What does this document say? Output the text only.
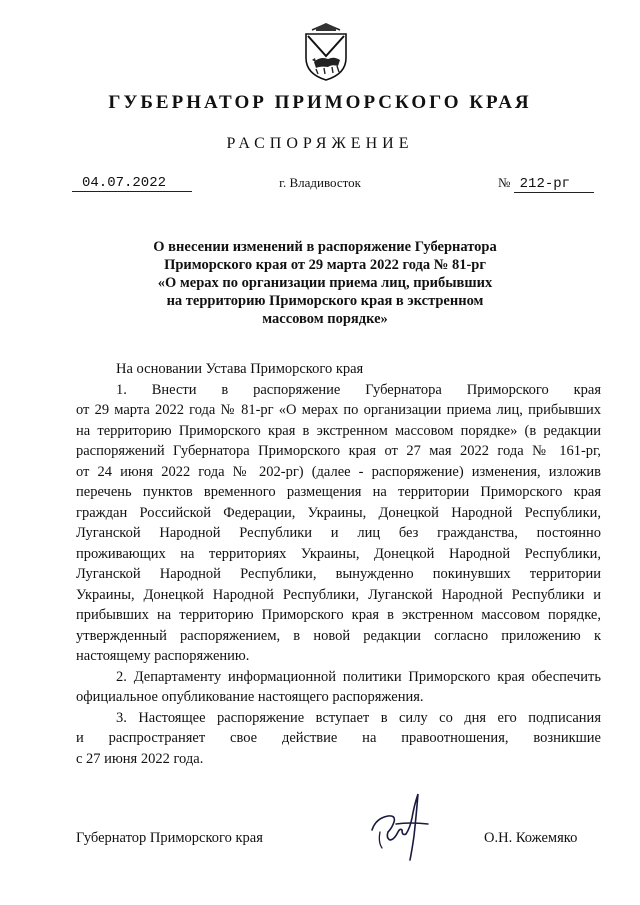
ГУБЕРНАТОР ПРИМОРСКОГО КРАЯ
РАСПОРЯЖЕНИЕ
04.07.2022	г. Владивосток	№ 212-рг
О внесении изменений в распоряжение Губернатора
Приморского края от 29 марта 2022 года № 81-рг
«О мерах по организации приема лиц, прибывших
на территорию Приморского края в экстренном
массовом порядке»
На основании Устава Приморского края
1. Внести в распоряжение Губернатора Приморского края
от 29 марта 2022 года № 81-рг «О мерах по организации приема лиц, прибывших
на территорию Приморского края в экстренном массовом порядке» (в редакции
распоряжений Губернатора Приморского края от 27 мая 2022 года № 161-рг,
от 24 июня 2022 года № 202-рг) (далее - распоряжение) изменения, изложив
перечень пунктов временного размещения на территории Приморского края
граждан Российской Федерации, Украины, Донецкой Народной Республики,
Луганской Народной Республики и лиц без гражданства, постоянно
проживающих на территориях Украины, Донецкой Народной Республики,
Луганской Народной Республики, вынужденно покинувших территории
Украины, Донецкой Народной Республики, Луганской Народной Республики и
прибывших на территорию Приморского края в экстренном массовом порядке,
утвержденный распоряжением, в новой редакции согласно приложению к
настоящему распоряжению.
2. Департаменту информационной политики Приморского края обеспечить
официальное опубликование настоящего распоряжения.
3. Настоящее распоряжение вступает в силу со дня его подписания
и распространяет свое действие на правоотношения, возникшие
с 27 июня 2022 года.
Губернатор Приморского края	О.Н. Кожемяко
